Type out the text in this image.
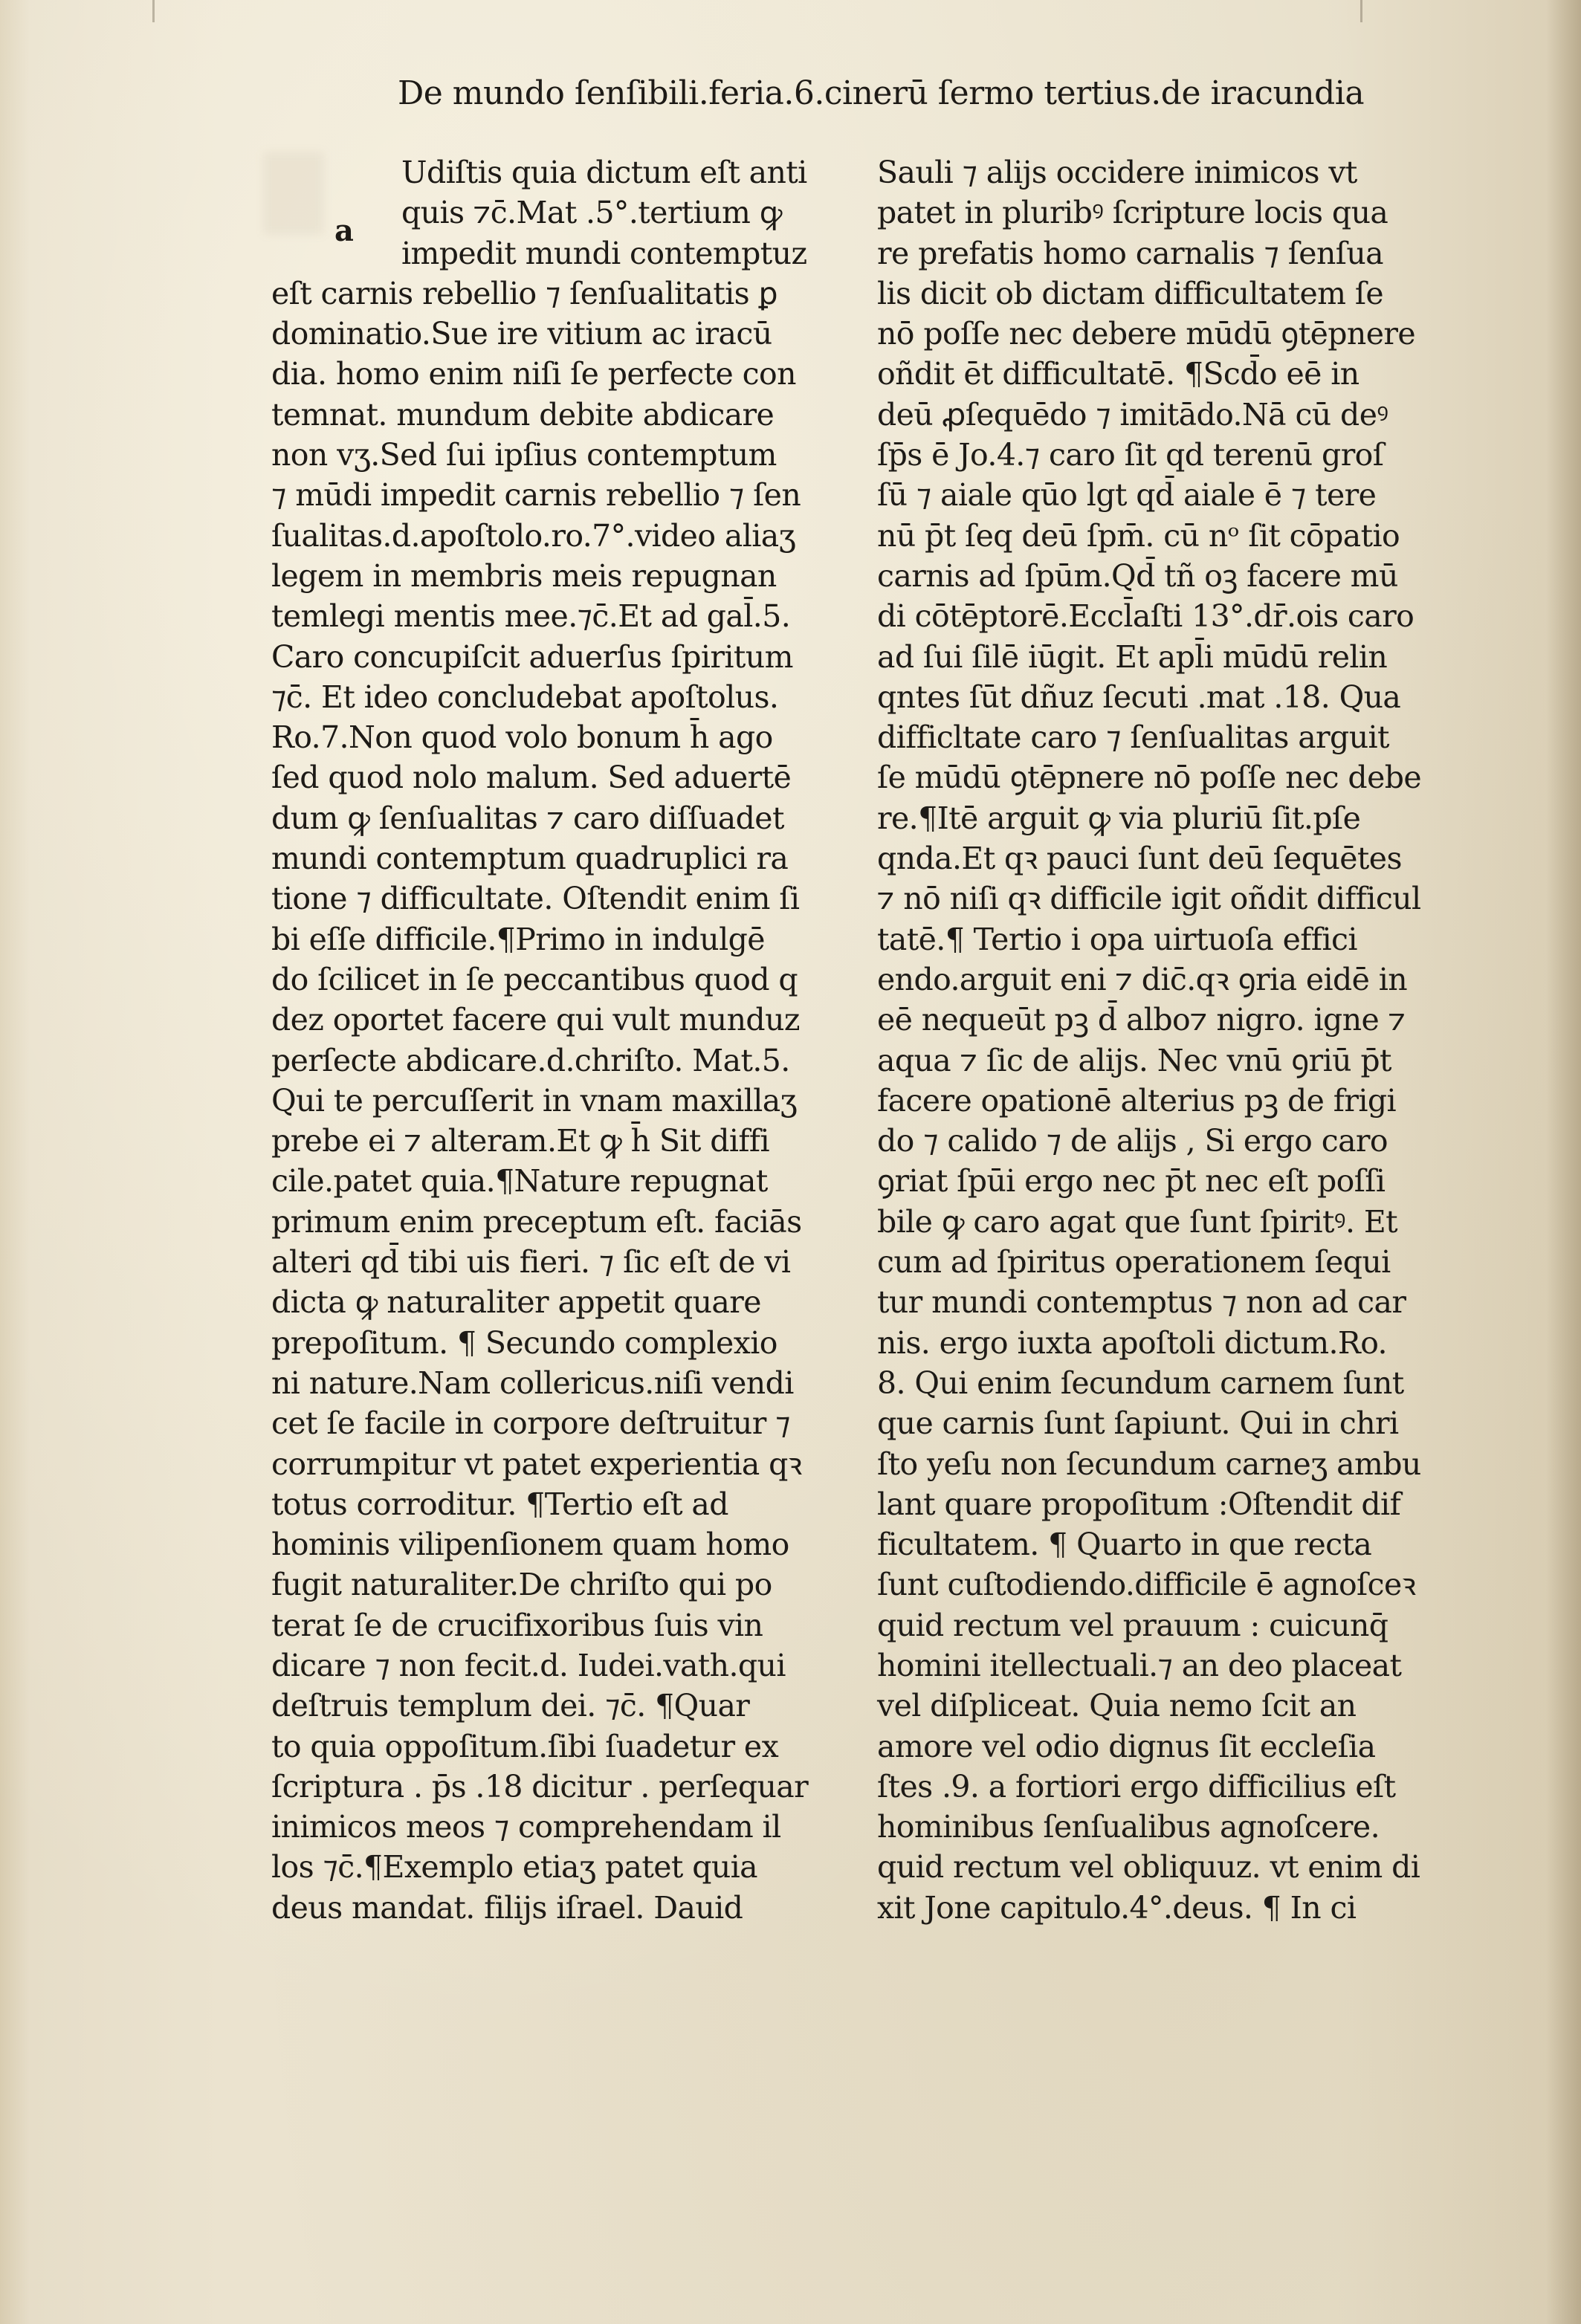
De mundo ſenſibili.feria.6.cinerū ſermo tertius.de iracundia
a
Udiſtis quia dictum eſt anti
quis ⁊c̄.Mat .5°.tertium ꝙ
impedit mundi contemptuz
eſt carnis rebellio ⁊ ſenſualitatis ꝑ
dominatio.Sue ire vitium ac iracū
dia. homo enim niſi ſe perfecte con
temnat. mundum debite abdicare
non vʒ.Sed ſui ipſius contemptum
⁊ mūdi impedit carnis rebellio ⁊ ſen
ſualitas.d.apoſtolo.ro.7°.video aliaʒ
legem in membris meis repugnan
temlegi mentis mee.⁊c̄.Et ad gal̄.5.
Caro concupiſcit aduerſus ſpiritum
⁊c̄. Et ideo concludebat apoſtolus.
Ro.7.Non quod volo bonum h̄ ago
ſed quod nolo malum. Sed aduertē
dum ꝙ ſenſualitas ⁊ caro diſſuadet
mundi contemptum quadruplici ra
tione ⁊ difficultate. Oſtendit enim ſi
bi eſſe difficile.¶Primo in indulgē
do ſcilicet in ſe peccantibus quod q
dez oportet facere qui vult munduz
perſecte abdicare.d.chriſto. Mat.5.
Qui te percuſſerit in vnam maxillaʒ
prebe ei ⁊ alteram.Et ꝙ h̄ Sit diffi
cile.patet quia.¶Nature repugnat
primum enim preceptum eſt. faciās
alteri qd̄ tibi uis fieri. ⁊ ſic eſt de vi
dicta ꝙ naturaliter appetit quare
prepoſitum. ¶ Secundo complexio
ni nature.Nam collericus.niſi vendi
cet ſe facile in corpore deſtruitur ⁊
corrumpitur vt patet experientia qꝛ
totus corroditur. ¶Tertio eſt ad
hominis vilipenſionem quam homo
fugit naturaliter.De chriſto qui po
terat ſe de crucifixoribus ſuis vin
dicare ⁊ non fecit.d. Iudei.vath.qui
deſtruis templum dei. ⁊c̄. ¶Quar
to quia oppoſitum.ſibi ſuadetur ex
ſcriptura . p̄s .18 dicitur . perſequar
inimicos meos ⁊ comprehendam il
los ⁊c̄.¶Exemplo etiaʒ patet quia
deus mandat. filijs iſrael. Dauid
Sauli ⁊ alijs occidere inimicos vt
patet in pluribꝰ ſcripture locis qua
re prefatis homo carnalis ⁊ ſenſua
lis dicit ob dictam difficultatem ſe
nō poſſe nec debere mūdū ꝯtēpnere
oñdit ēt difficultatē. ¶Scd̄o eē in
deū ꝓſequēdo ⁊ imitādo.Nā cū deꝰ
ſp̄s ē Jo.4.⁊ caro ſit qd terenū groſ
ſū ⁊ aiale qūo lgt qd̄ aiale ē ⁊ tere
nū p̄t ſeq deū ſpm̄. cū nᵒ ſit cōpatio
carnis ad ſpūm.Qd̄ tñ oꝫ facere mū
di cōtēptorē.Eccl̄aſti 13°.dr̄.ois caro
ad ſui ſilē iūgit. Et apl̄i mūdū relin
qntes ſūt dñuz ſecuti .mat .18. Qua
difficltate caro ⁊ ſenſualitas arguit
ſe mūdū ꝯtēpnere nō poſſe nec debe
re.¶Itē arguit ꝙ via pluriū ſit.pſe
qnda.Et qꝛ pauci ſunt deū ſequētes
⁊ nō niſi qꝛ difficile igit oñdit difficul
tatē.¶ Tertio i opa uirtuoſa effici
endo.arguit eni ⁊ dic̄.qꝛ ꝯria eidē in
eē nequeūt pꝫ d̄ albo⁊ nigro. igne ⁊
aqua ⁊ ſic de alijs. Nec vnū ꝯriū p̄t
facere opationē alterius pꝫ de frigi
do ⁊ calido ⁊ de alijs , Si ergo caro
ꝯriat ſpūi ergo nec p̄t nec eſt poſſi
bile ꝙ caro agat que ſunt ſpiritꝰ. Et
cum ad ſpiritus operationem ſequi
tur mundi contemptus ⁊ non ad car
nis. ergo iuxta apoſtoli dictum.Ro.
8. Qui enim ſecundum carnem ſunt
que carnis ſunt ſapiunt. Qui in chri
ſto yeſu non ſecundum carneʒ ambu
lant quare propoſitum :Oſtendit dif
ficultatem. ¶ Quarto in que recta
ſunt cuſtodiendo.difficile ē agnoſceꝛ
quid rectum vel prauum : cuicunq̄
homini itellectuali.⁊ an deo placeat
vel diſpliceat. Quia nemo ſcit an
amore vel odio dignus ſit eccleſia
ſtes .9. a fortiori ergo difficilius eſt
hominibus ſenſualibus agnoſcere.
quid rectum vel obliquuz. vt enim di
xit Jone capitulo.4°.deus. ¶ In ci
